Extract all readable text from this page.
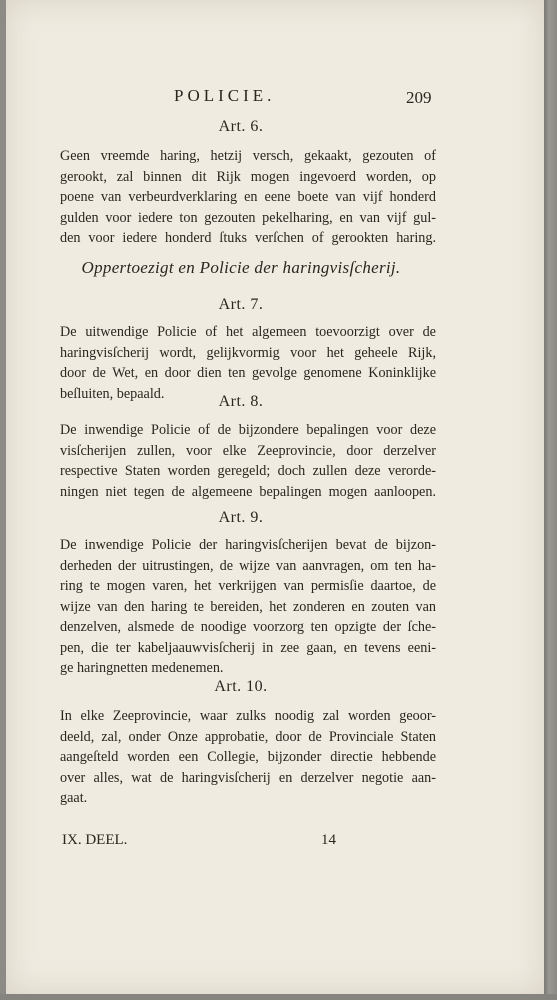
POLICIE.	209
Art. 6.
Geen vreemde haring, hetzij versch, gekaakt, gezouten of
gerookt, zal binnen dit Rijk mogen ingevoerd worden, op
poene van verbeurdverklaring en eene boete van vijf honderd
gulden voor iedere ton gezouten pekelharing, en van vijf gul-
den voor iedere honderd ſtuks verſchen of gerookten haring.
Oppertoezigt en Policie der haringvisſcherij.
Art. 7.
De uitwendige Policie of het algemeen toevoorzigt over de
haringvisſcherij wordt, gelijkvormig voor het geheele Rijk,
door de Wet, en door dien ten gevolge genomene Koninklijke
beſluiten, bepaald.	Art. 8.
De inwendige Policie of de bijzondere bepalingen voor deze
visſcherijen zullen, voor elke Zeeprovincie, door derzelver
respective Staten worden geregeld; doch zullen deze verorde-
ningen niet tegen de algemeene bepalingen mogen aanloopen.
Art. 9.
De inwendige Policie der haringvisſcherijen bevat de bijzon-
derheden der uitrustingen, de wijze van aanvragen, om ten ha-
ring te mogen varen, het verkrijgen van permisſie daartoe, de
wijze van den haring te bereiden, het zonderen en zouten van
denzelven, alsmede de noodige voorzorg ten opzigte der ſche-
pen, die ter kabeljaauwvisſcherij in zee gaan, en tevens eeni-
ge haringnetten medenemen.
Art. 10.
In elke Zeeprovincie, waar zulks noodig zal worden geoor-
deeld, zal, onder Onze approbatie, door de Provinciale Staten
aangeſteld worden een Collegie, bijzonder directie hebbende
over alles, wat de haringvisſcherij en derzelver negotie aan-
gaat.
IX. DEEL.	14
